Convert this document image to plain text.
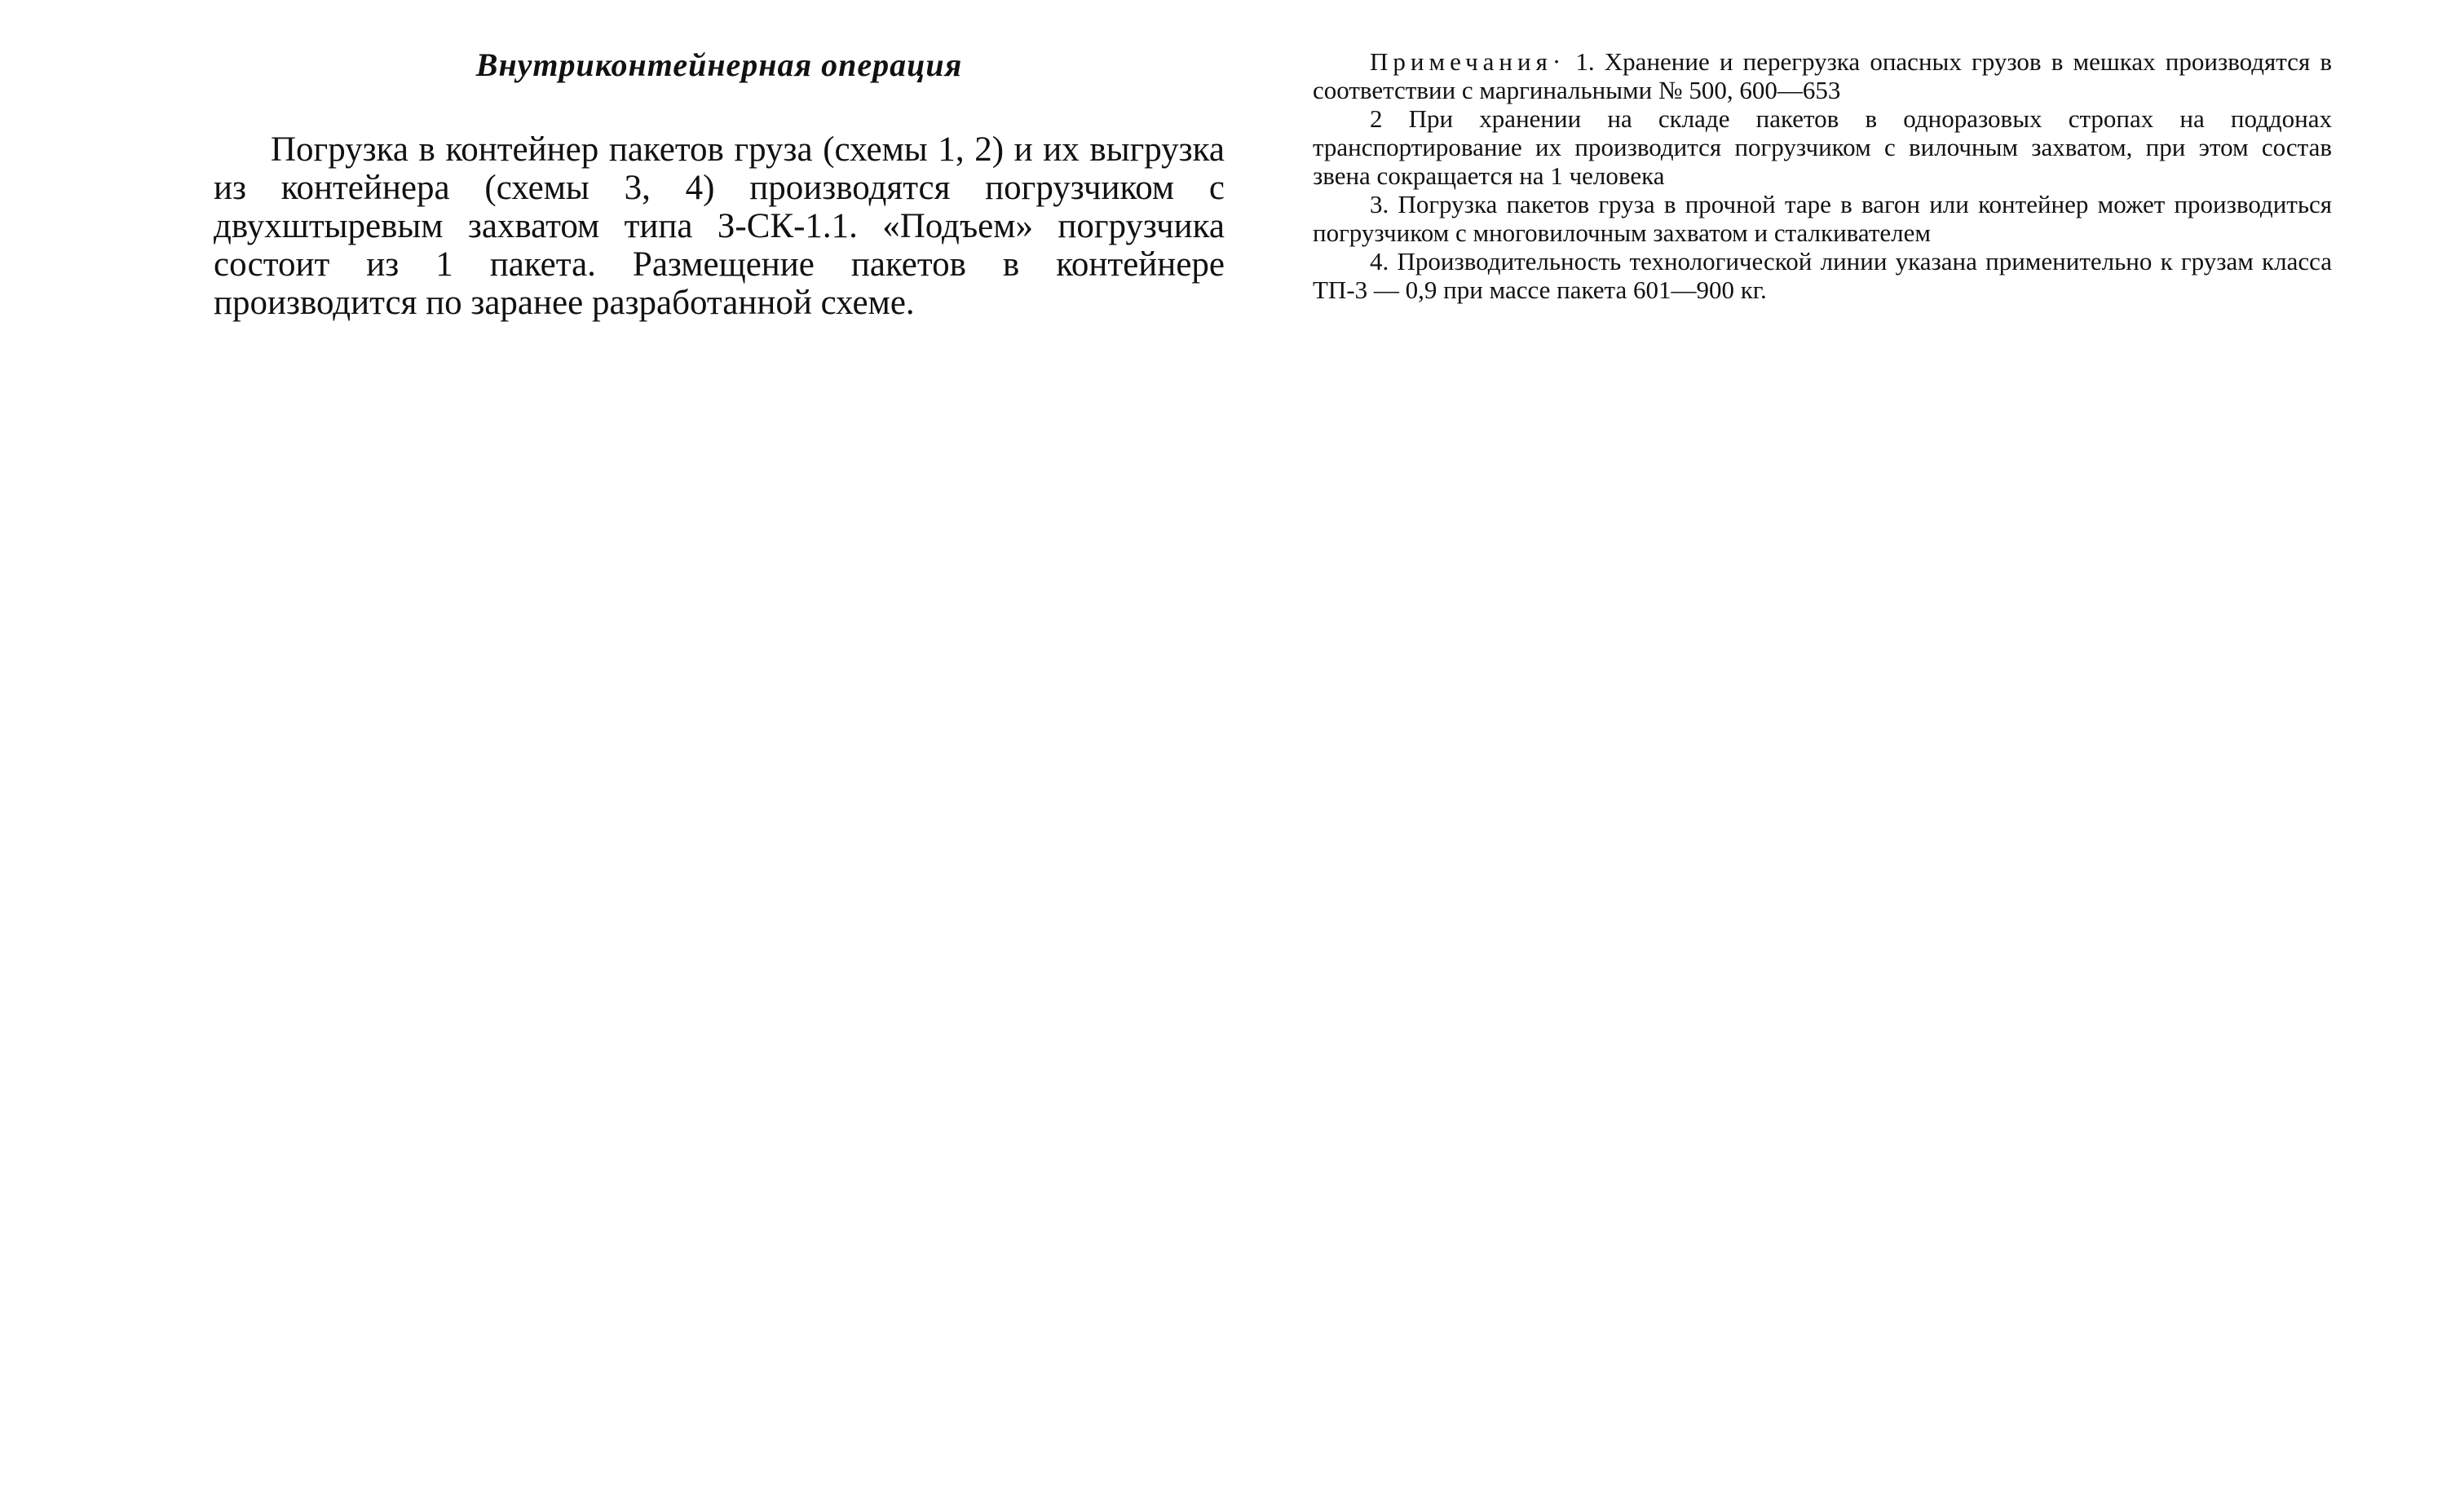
Внутриконтейнерная операция

Погрузка в контейнер пакетов груза (схемы 1, 2) и их выгрузка из контейнера (схемы 3, 4) производятся погрузчиком с двухштыревым захватом типа З-СК-1.1. «Подъем» погрузчика состоит из 1 пакета. Размещение пакетов в контейнере производится по заранее разработанной схеме.

Примечания· 1. Хранение и перегрузка опасных грузов в мешках производятся в соответствии с маргинальными № 500, 600—653

2 При хранении на складе пакетов в одноразовых стропах на поддонах транспортирование их производится погрузчиком с вилочным захватом, при этом состав звена сокращается на 1 человека

3. Погрузка пакетов груза в прочной таре в вагон или контейнер может производиться погрузчиком с многовилочным захватом и сталкивателем

4. Производительность технологической линии указана применительно к грузам класса ТП-3 — 0,9 при массе пакета 601—900 кг.
